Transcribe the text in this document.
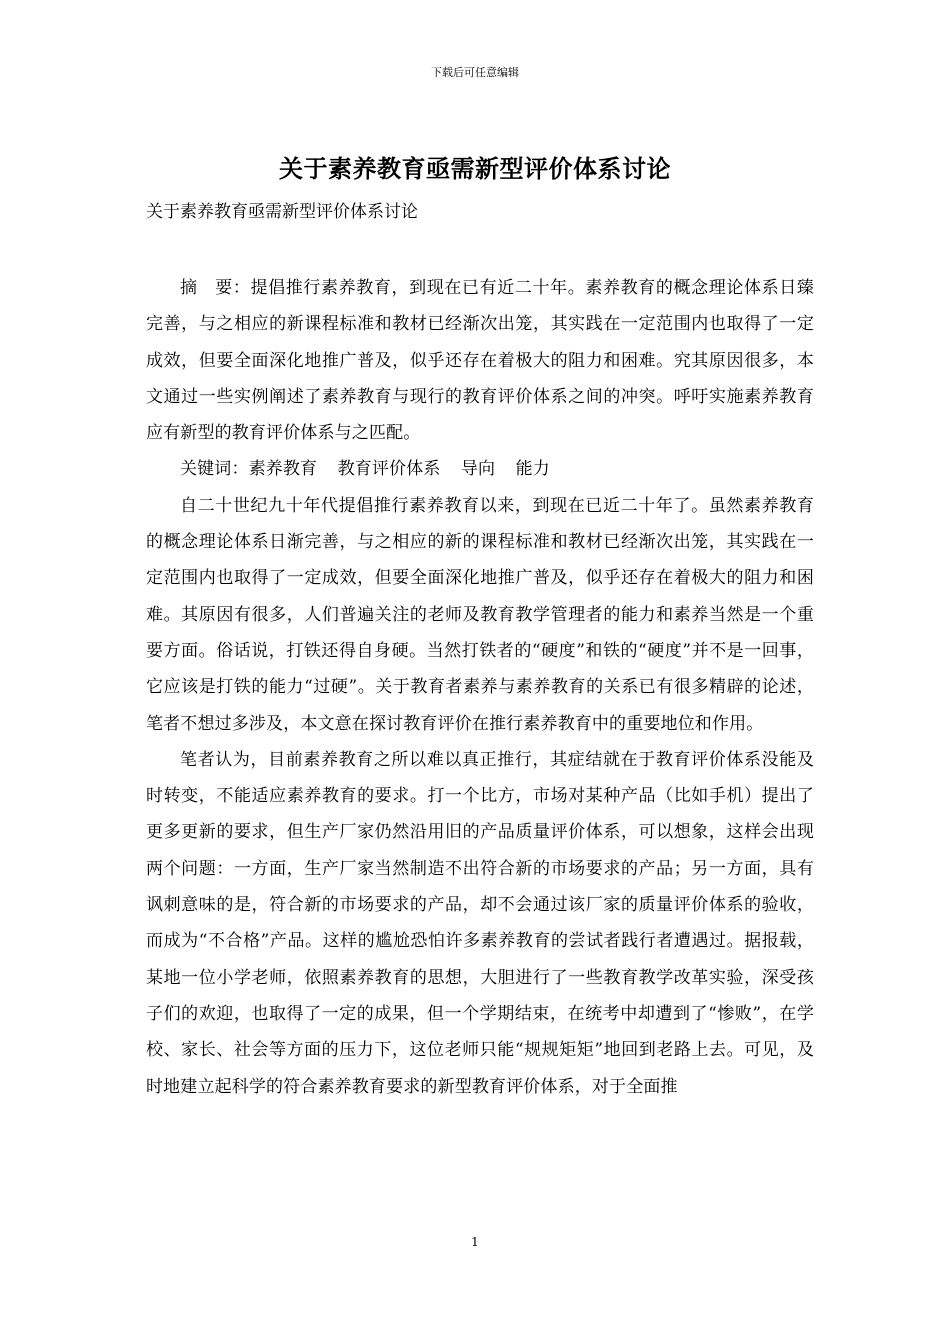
下载后可任意编辑
关于素养教育亟需新型评价体系讨论
关于素养教育亟需新型评价体系讨论

摘　要：提倡推行素养教育，到现在已有近二十年。素养教育的概念理论体系日臻完善，与之相应的新课程标准和教材已经渐次出笼，其实践在一定范围内也取得了一定成效，但要全面深化地推广普及，似乎还存在着极大的阻力和困难。究其原因很多，本文通过一些实例阐述了素养教育与现行的教育评价体系之间的冲突。呼吁实施素养教育应有新型的教育评价体系与之匹配。

关键词：素养教育 教育评价体系 导向 能力

自二十世纪九十年代提倡推行素养教育以来，到现在已近二十年了。虽然素养教育的概念理论体系日渐完善，与之相应的新的课程标准和教材已经渐次出笼，其实践在一定范围内也取得了一定成效，但要全面深化地推广普及，似乎还存在着极大的阻力和困难。其原因有很多，人们普遍关注的老师及教育教学管理者的能力和素养当然是一个重要方面。俗话说，打铁还得自身硬。当然打铁者的“硬度”和铁的“硬度”并不是一回事，它应该是打铁的能力“过硬”。关于教育者素养与素养教育的关系已有很多精辟的论述，笔者不想过多涉及，本文意在探讨教育评价在推行素养教育中的重要地位和作用。

笔者认为，目前素养教育之所以难以真正推行，其症结就在于教育评价体系没能及时转变，不能适应素养教育的要求。打一个比方，市场对某种产品（比如手机）提出了更多更新的要求，但生产厂家仍然沿用旧的产品质量评价体系，可以想象，这样会出现两个问题：一方面，生产厂家当然制造不出符合新的市场要求的产品；另一方面，具有讽刺意味的是，符合新的市场要求的产品，却不会通过该厂家的质量评价体系的验收，而成为“不合格”产品。这样的尴尬恐怕许多素养教育的尝试者践行者遭遇过。据报载，某地一位小学老师，依照素养教育的思想，大胆进行了一些教育教学改革实验，深受孩子们的欢迎，也取得了一定的成果，但一个学期结束，在统考中却遭到了“惨败”，在学校、家长、社会等方面的压力下，这位老师只能“规规矩矩”地回到老路上去。可见，及时地建立起科学的符合素养教育要求的新型教育评价体系，对于全面推

1
